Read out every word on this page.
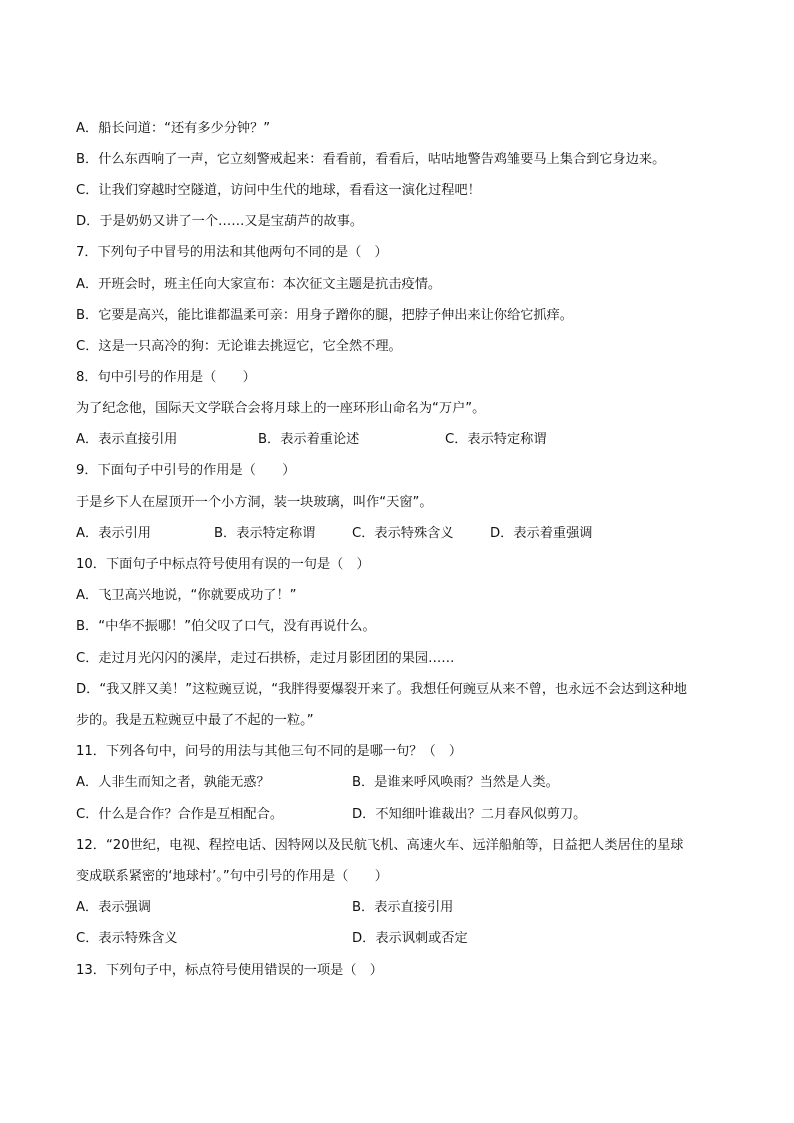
A．船长问道：“还有多少分钟？”
B．什么东西响了一声，它立刻警戒起来：看看前，看看后，咕咕地警告鸡雏要马上集合到它身边来。
C．让我们穿越时空隧道，访问中生代的地球，看看这一演化过程吧！
D．于是奶奶又讲了一个……又是宝葫芦的故事。
7．下列句子中冒号的用法和其他两句不同的是（　）
A．开班会时，班主任向大家宣布：本次征文主题是抗击疫情。
B．它要是高兴，能比谁都温柔可亲：用身子蹭你的腿，把脖子伸出来让你给它抓痒。
C．这是一只高冷的狗：无论谁去挑逗它，它全然不理。
8．句中引号的作用是（　　）
为了纪念他，国际天文学联合会将月球上的一座环形山命名为“万户”。
A．表示直接引用	B．表示着重论述	C．表示特定称谓
9．下面句子中引号的作用是（　　）
于是乡下人在屋顶开一个小方洞，装一块玻璃，叫作“天窗”。
A．表示引用	B．表示特定称谓	C．表示特殊含义	D．表示着重强调
10．下面句子中标点符号使用有误的一句是（　）
A．飞卫高兴地说，“你就要成功了！”
B．“中华不振哪！”伯父叹了口气，没有再说什么。
C．走过月光闪闪的溪岸，走过石拱桥，走过月影团团的果园……
D．“我又胖又美！”这粒豌豆说，“我胖得要爆裂开来了。我想任何豌豆从来不曾，也永远不会达到这种地
步的。我是五粒豌豆中最了不起的一粒。”
11．下列各句中，问号的用法与其他三句不同的是哪一句？（　）
A．人非生而知之者，孰能无惑？	B．是谁来呼风唤雨？当然是人类。
C．什么是合作？合作是互相配合。	D．不知细叶谁裁出？二月春风似剪刀。
12．“20世纪，电视、程控电话、因特网以及民航飞机、高速火车、远洋船舶等，日益把人类居住的星球
变成联系紧密的‘地球村’。”句中引号的作用是（　　）
A．表示强调	B．表示直接引用
C．表示特殊含义	D．表示讽刺或否定
13．下列句子中，标点符号使用错误的一项是（　）
